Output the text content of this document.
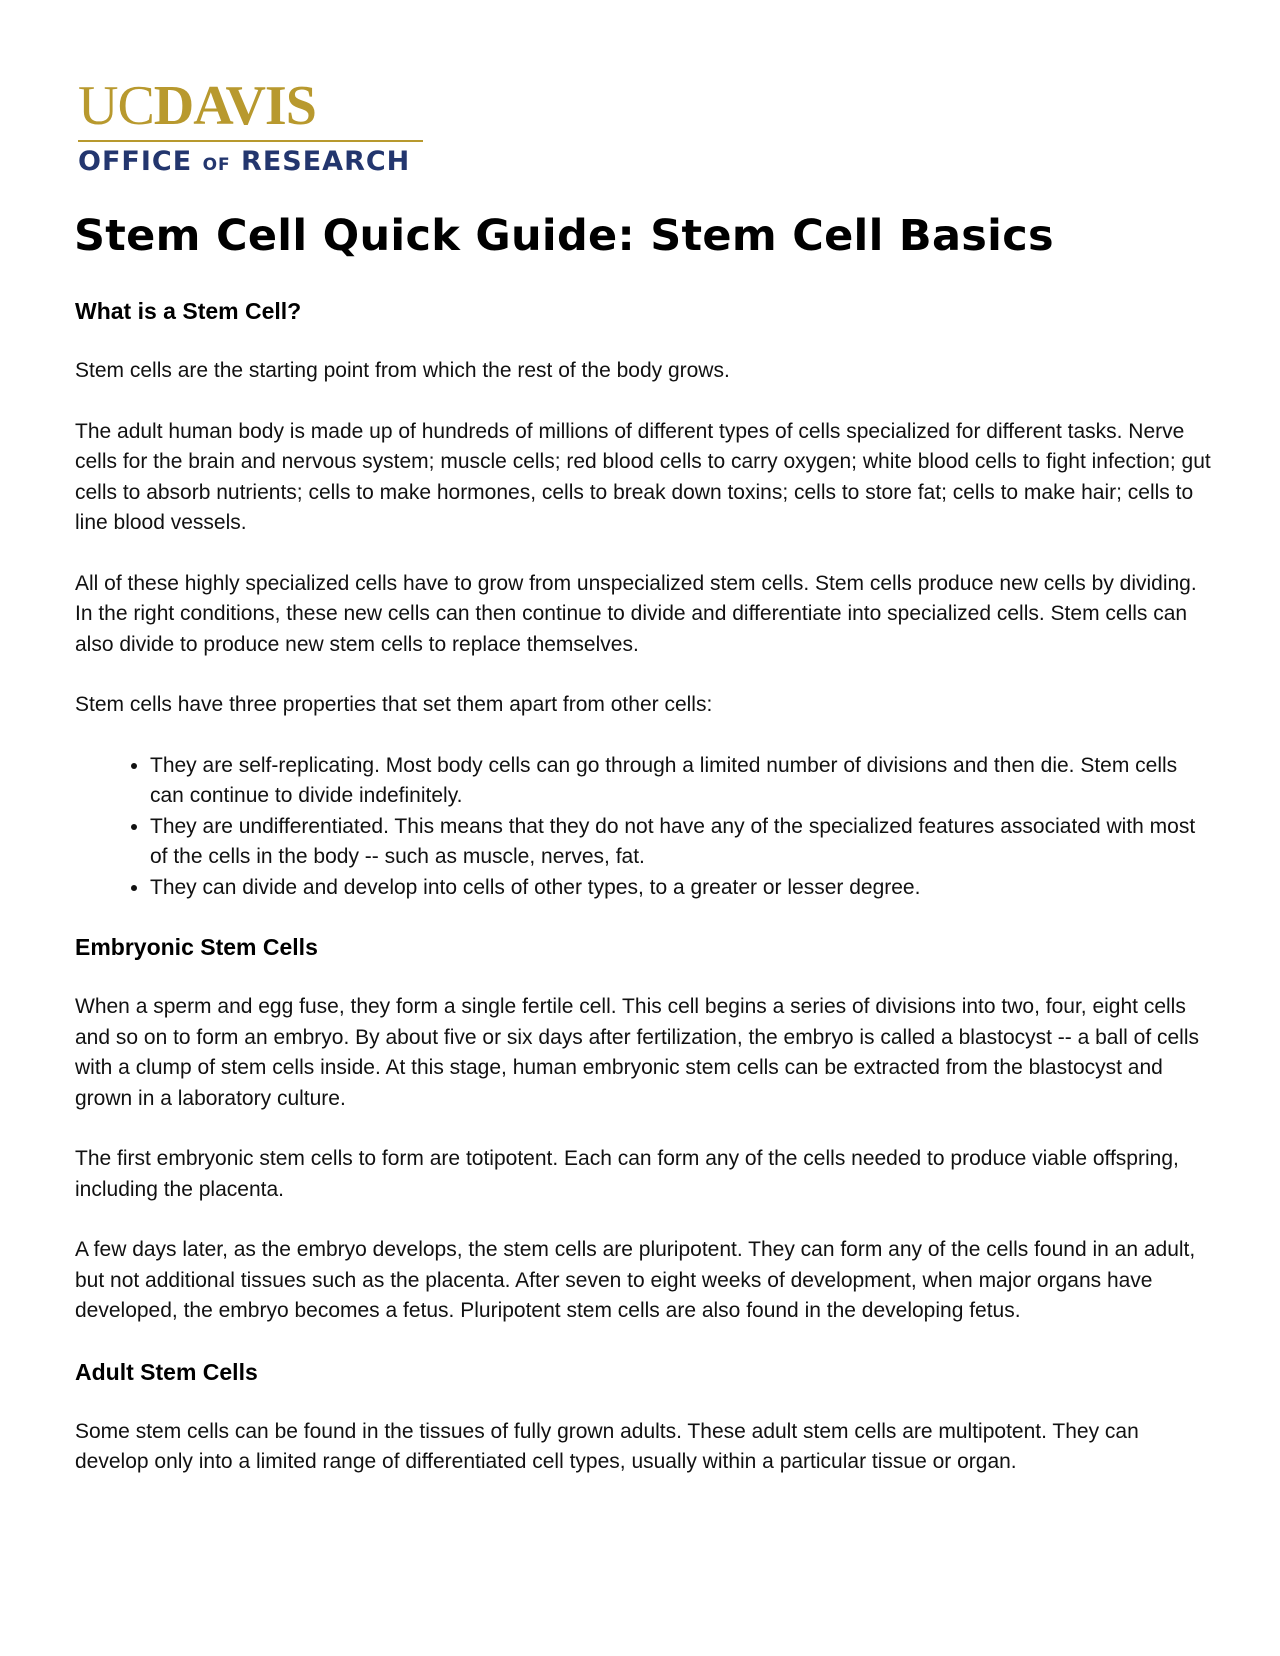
UCDAVIS
OFFICE OF RESEARCH
Stem Cell Quick Guide: Stem Cell Basics
What is a Stem Cell?

Stem cells are the starting point from which the rest of the body grows.

The adult human body is made up of hundreds of millions of different types of cells specialized for different tasks. Nerve cells for the brain and nervous system; muscle cells; red blood cells to carry oxygen; white blood cells to fight infection; gut cells to absorb nutrients; cells to make hormones, cells to break down toxins; cells to store fat; cells to make hair; cells to line blood vessels.

All of these highly specialized cells have to grow from unspecialized stem cells. Stem cells produce new cells by dividing. In the right conditions, these new cells can then continue to divide and differentiate into specialized cells. Stem cells can also divide to produce new stem cells to replace themselves.

Stem cells have three properties that set them apart from other cells:

• They are self-replicating. Most body cells can go through a limited number of divisions and then die. Stem cells can continue to divide indefinitely.
• They are undifferentiated. This means that they do not have any of the specialized features associated with most of the cells in the body -- such as muscle, nerves, fat.
• They can divide and develop into cells of other types, to a greater or lesser degree.
Embryonic Stem Cells

When a sperm and egg fuse, they form a single fertile cell. This cell begins a series of divisions into two, four, eight cells and so on to form an embryo. By about five or six days after fertilization, the embryo is called a blastocyst -- a ball of cells with a clump of stem cells inside. At this stage, human embryonic stem cells can be extracted from the blastocyst and grown in a laboratory culture.

The first embryonic stem cells to form are totipotent. Each can form any of the cells needed to produce viable offspring, including the placenta.

A few days later, as the embryo develops, the stem cells are pluripotent. They can form any of the cells found in an adult, but not additional tissues such as the placenta. After seven to eight weeks of development, when major organs have developed, the embryo becomes a fetus. Pluripotent stem cells are also found in the developing fetus.

Adult Stem Cells

Some stem cells can be found in the tissues of fully grown adults. These adult stem cells are multipotent. They can develop only into a limited range of differentiated cell types, usually within a particular tissue or organ.
